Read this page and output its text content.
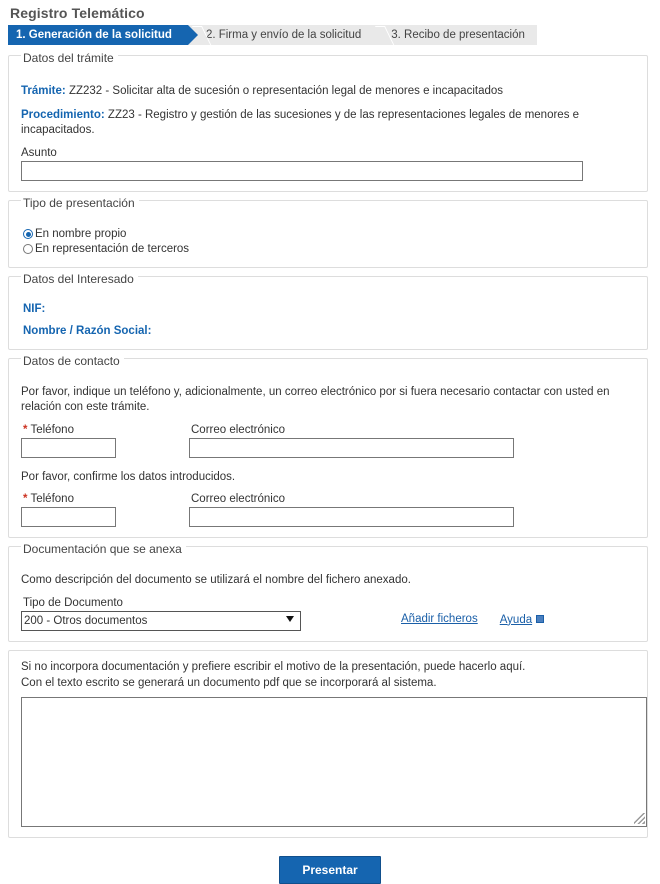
Registro Telemático
1. Generación de la solicitud	2. Firma y envío de la solicitud	3. Recibo de presentación
Datos del trámite

Trámite: ZZ232 - Solicitar alta de sucesión o representación legal de menores e incapacitados

Procedimiento: ZZ23 - Registro y gestión de las sucesiones y de las representaciones legales de menores e incapacitados.

Asunto
Tipo de presentación
En nombre propio
En representación de terceros
Datos del Interesado

NIF:

Nombre / Razón Social:

Datos de contacto

Por favor, indique un teléfono y, adicionalmente, un correo electrónico por si fuera necesario contactar con usted en relación con este trámite.

* Teléfono	Correo electrónico

Por favor, confirme los datos introducidos.

* Teléfono	Correo electrónico
Documentación que se anexa

Como descripción del documento se utilizará el nombre del fichero anexado.

Tipo de Documento
200 - Otros documentos
Añadir ficheros Ayuda

Si no incorpora documentación y prefiere escribir el motivo de la presentación, puede hacerlo aquí.
Con el texto escrito se generará un documento pdf que se incorporará al sistema.

Presentar
